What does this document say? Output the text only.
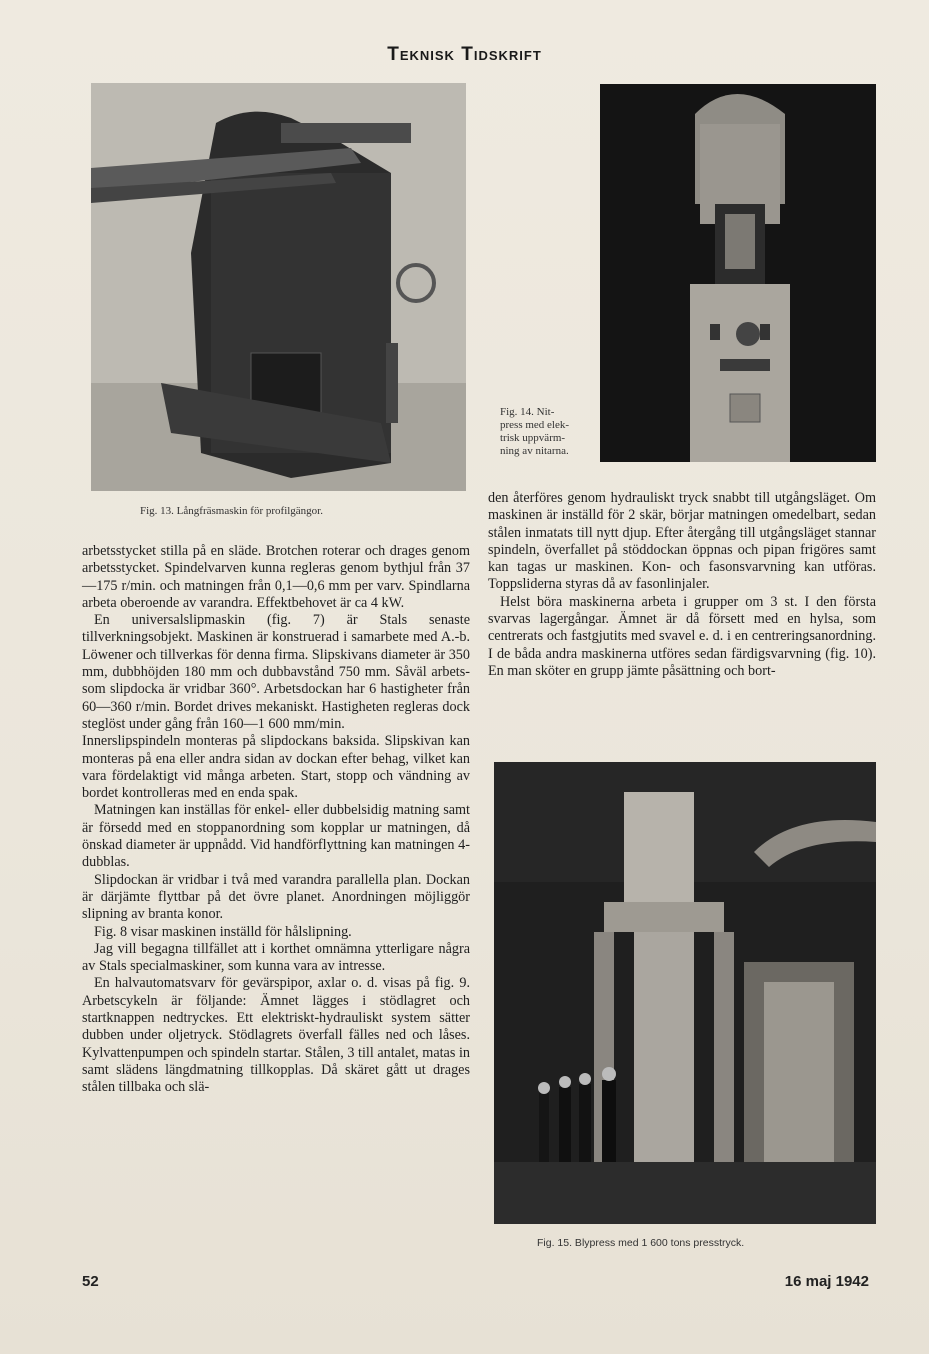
Teknisk Tidskrift
Fig. 14. Nit-
press med elek-
trisk uppvärm-
ning av nitarna.
Fig. 13. Långfräsmaskin för profilgängor.

arbetsstycket stilla på en släde. Brotchen roterar och drages genom arbetsstycket. Spindelvarven kunna regleras genom bythjul från 37—175 r/min. och matningen från 0,1—0,6 mm per varv. Spindlarna arbeta oberoende av varandra. Effektbehovet är ca 4 kW.

En universalslipmaskin (fig. 7) är Stals senaste tillverkningsobjekt. Maskinen är konstruerad i samarbete med A.-b. Löwener och tillverkas för denna firma. Slipskivans diameter är 350 mm, dubbhöjden 180 mm och dubbavstånd 750 mm. Såväl arbets- som slipdocka är vridbar 360°. Arbetsdockan har 6 hastigheter från 60—360 r/min. Bordet drives mekaniskt. Hastigheten regleras dock steglöst under gång från 160—1 600 mm/min.

Innerslipspindeln monteras på slipdockans baksida. Slipskivan kan monteras på ena eller andra sidan av dockan efter behag, vilket kan vara fördelaktigt vid många arbeten. Start, stopp och vändning av bordet kontrolleras med en enda spak.

Matningen kan inställas för enkel- eller dubbelsidig matning samt är försedd med en stoppanordning som kopplar ur matningen, då önskad diameter är uppnådd. Vid handförflyttning kan matningen 4-dubblas.

Slipdockan är vridbar i två med varandra parallella plan. Dockan är därjämte flyttbar på det övre planet. Anordningen möjliggör slipning av branta konor.

Fig. 8 visar maskinen inställd för hålslipning.

Jag vill begagna tillfället att i korthet omnämna ytterligare några av Stals specialmaskiner, som kunna vara av intresse.

En halvautomatsvarv för gevärspipor, axlar o. d. visas på fig. 9. Arbetscykeln är följande: Ämnet lägges i stödlagret och startknappen nedtryckes. Ett elektriskt-hydrauliskt system sätter dubben under oljetryck. Stödlagrets överfall fälles ned och låses. Kylvattenpumpen och spindeln startar. Stålen, 3 till antalet, matas in samt slädens längdmatning tillkopplas. Då skäret gått ut drages stålen tillbaka och slä-

den återföres genom hydrauliskt tryck snabbt till utgångsläget. Om maskinen är inställd för 2 skär, börjar matningen omedelbart, sedan stålen inmatats till nytt djup. Efter återgång till utgångsläget stannar spindeln, överfallet på stöddockan öppnas och pipan frigöres samt kan tagas ur maskinen. Kon- och fasonsvarvning kan utföras. Toppsliderna styras då av fasonlinjaler.

Helst böra maskinerna arbeta i grupper om 3 st. I den första svarvas lagergångar. Ämnet är då försett med en hylsa, som centrerats och fastgjutits med svavel e. d. i en centreringsanordning. I de båda andra maskinerna utföres sedan färdigsvarvning (fig. 10). En man sköter en grupp jämte påsättning och bort-

Fig. 15. Blypress med 1 600 tons presstryck.
52	16 maj 1942
